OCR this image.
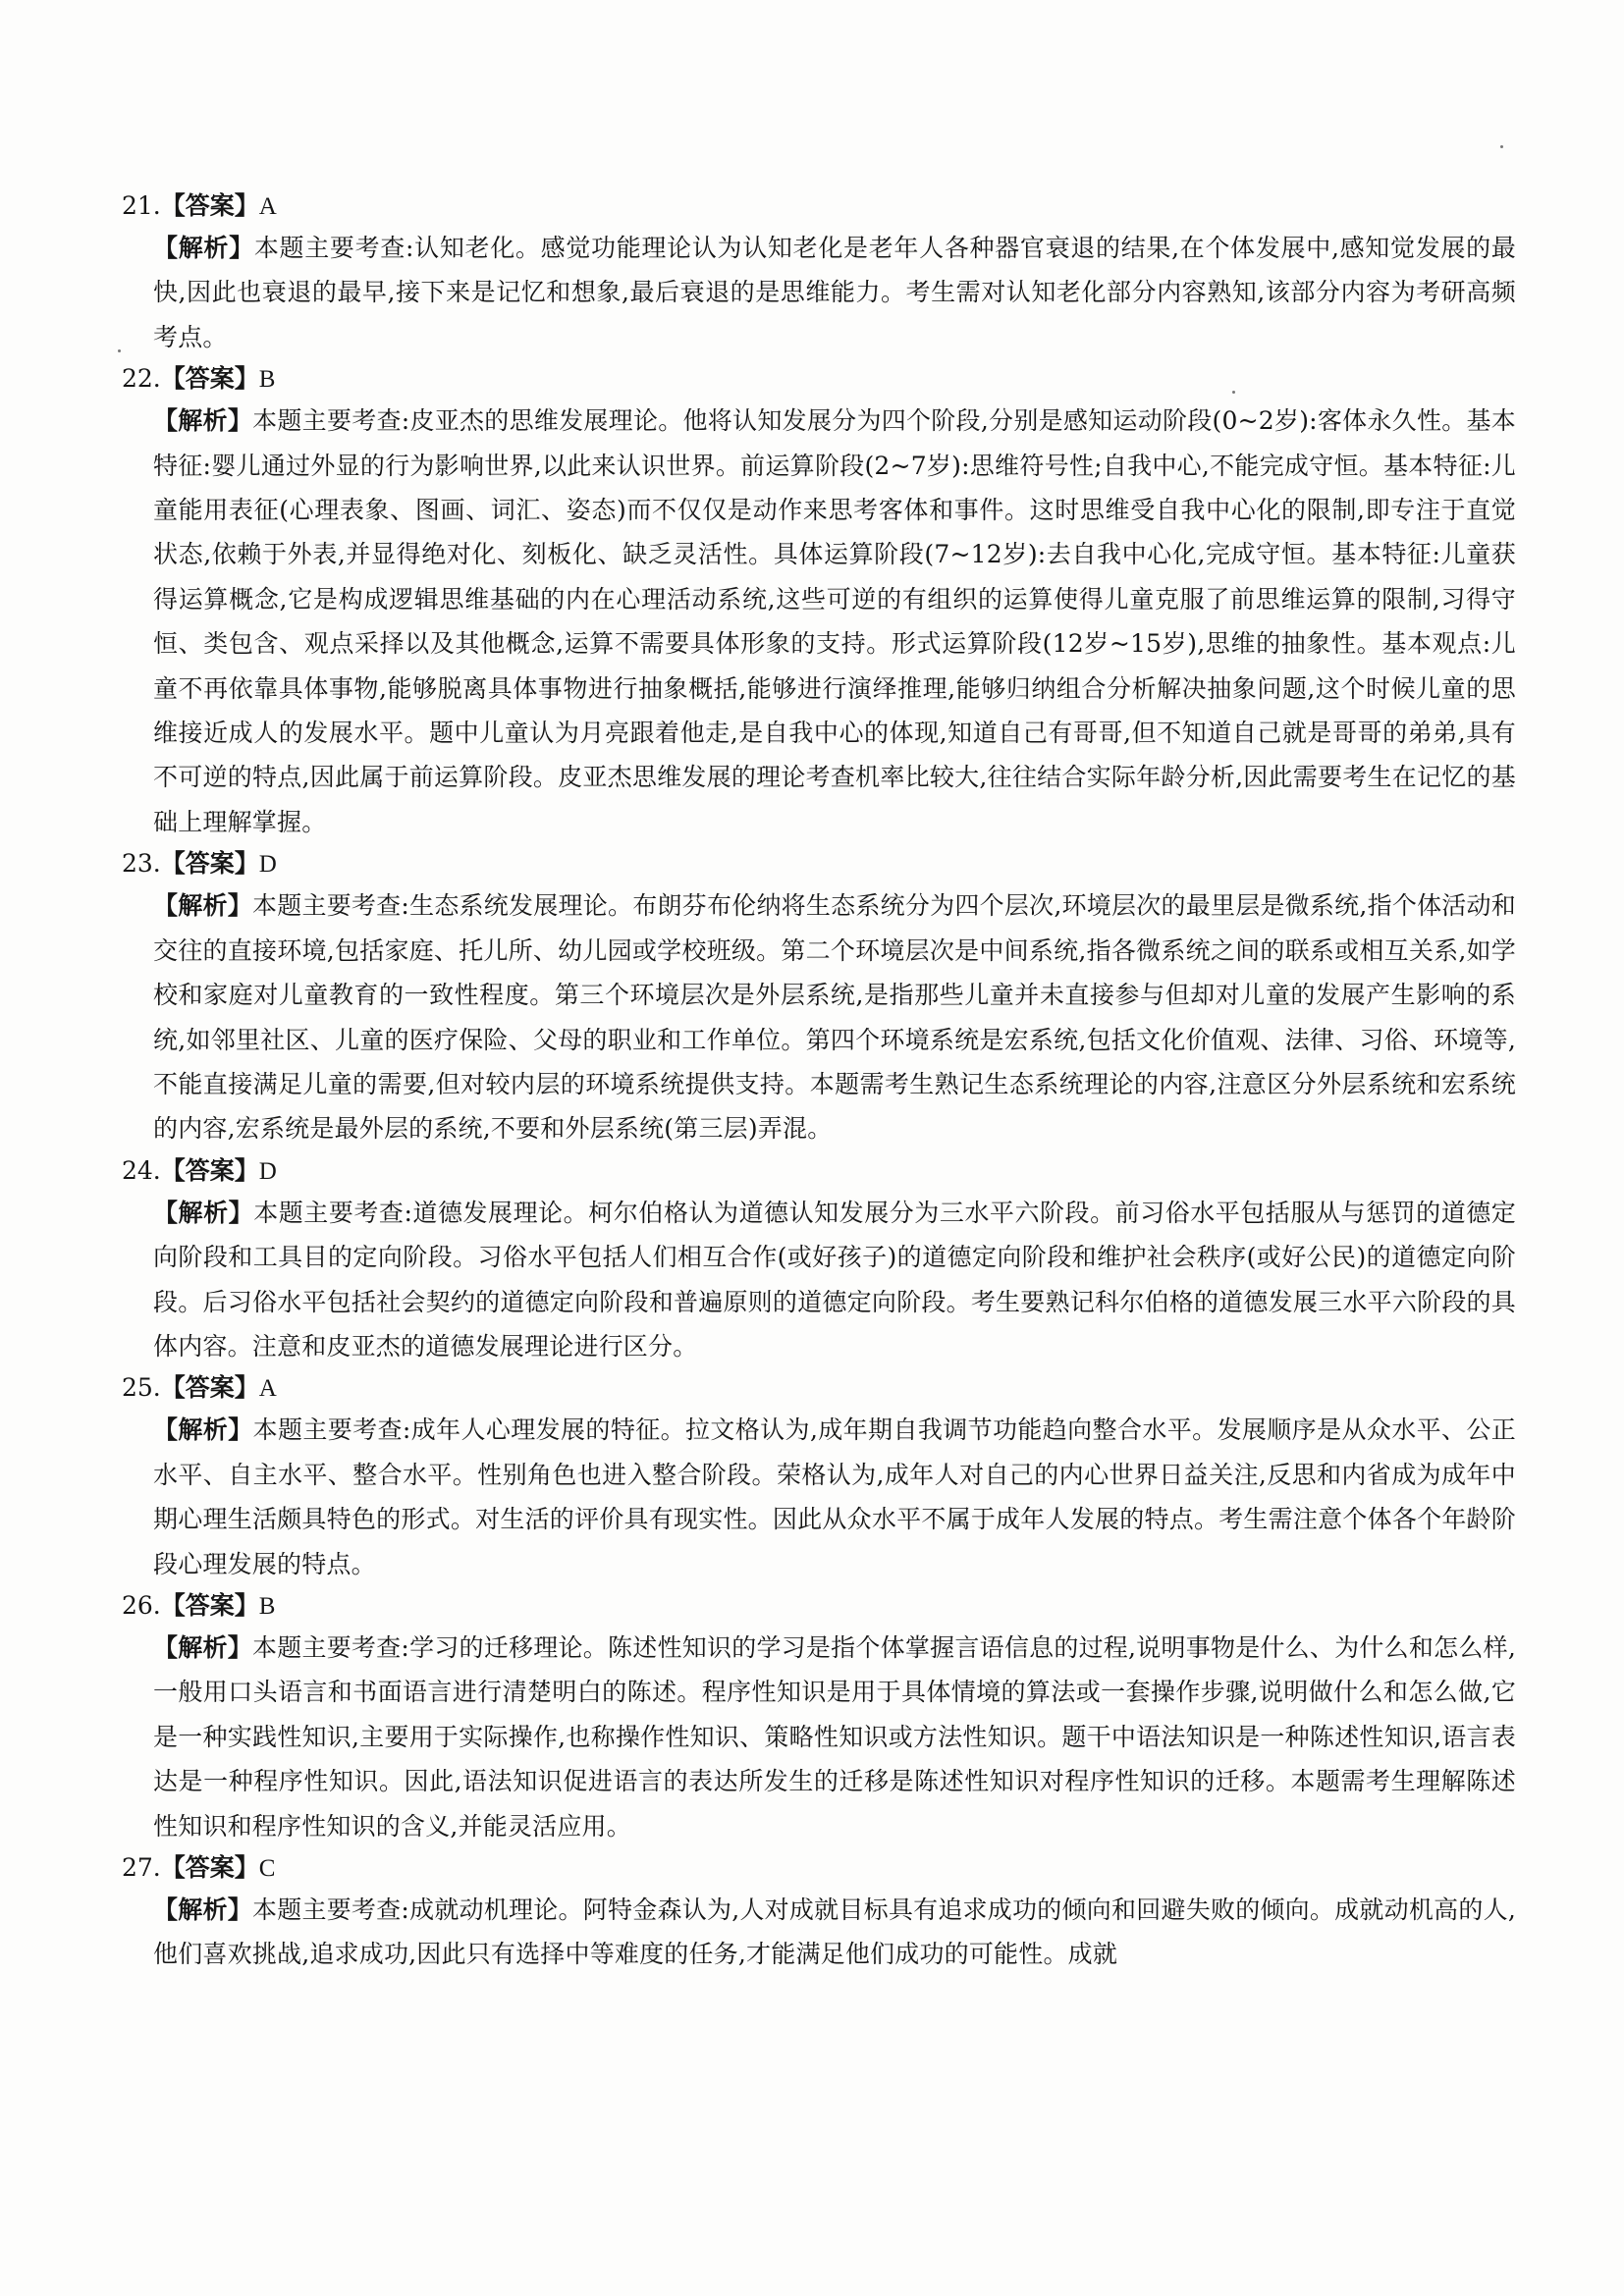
21.【答案】A

【解析】本题主要考查:认知老化。感觉功能理论认为认知老化是老年人各种器官衰退的结果,在个体发展中,感知觉发展的最快,因此也衰退的最早,接下来是记忆和想象,最后衰退的是思维能力。考生需对认知老化部分内容熟知,该部分内容为考研高频考点。

22.【答案】B

【解析】本题主要考查:皮亚杰的思维发展理论。他将认知发展分为四个阶段,分别是感知运动阶段(0~2岁):客体永久性。基本特征:婴儿通过外显的行为影响世界,以此来认识世界。前运算阶段(2~7岁):思维符号性;自我中心,不能完成守恒。基本特征:儿童能用表征(心理表象、图画、词汇、姿态)而不仅仅是动作来思考客体和事件。这时思维受自我中心化的限制,即专注于直觉状态,依赖于外表,并显得绝对化、刻板化、缺乏灵活性。具体运算阶段(7~12岁):去自我中心化,完成守恒。基本特征:儿童获得运算概念,它是构成逻辑思维基础的内在心理活动系统,这些可逆的有组织的运算使得儿童克服了前思维运算的限制,习得守恒、类包含、观点采择以及其他概念,运算不需要具体形象的支持。形式运算阶段(12岁~15岁),思维的抽象性。基本观点:儿童不再依靠具体事物,能够脱离具体事物进行抽象概括,能够进行演绎推理,能够归纳组合分析解决抽象问题,这个时候儿童的思维接近成人的发展水平。题中儿童认为月亮跟着他走,是自我中心的体现,知道自己有哥哥,但不知道自己就是哥哥的弟弟,具有不可逆的特点,因此属于前运算阶段。皮亚杰思维发展的理论考查机率比较大,往往结合实际年龄分析,因此需要考生在记忆的基础上理解掌握。

23.【答案】D

【解析】本题主要考查:生态系统发展理论。布朗芬布伦纳将生态系统分为四个层次,环境层次的最里层是微系统,指个体活动和交往的直接环境,包括家庭、托儿所、幼儿园或学校班级。第二个环境层次是中间系统,指各微系统之间的联系或相互关系,如学校和家庭对儿童教育的一致性程度。第三个环境层次是外层系统,是指那些儿童并未直接参与但却对儿童的发展产生影响的系统,如邻里社区、儿童的医疗保险、父母的职业和工作单位。第四个环境系统是宏系统,包括文化价值观、法律、习俗、环境等,不能直接满足儿童的需要,但对较内层的环境系统提供支持。本题需考生熟记生态系统理论的内容,注意区分外层系统和宏系统的内容,宏系统是最外层的系统,不要和外层系统(第三层)弄混。

24.【答案】D

【解析】本题主要考查:道德发展理论。柯尔伯格认为道德认知发展分为三水平六阶段。前习俗水平包括服从与惩罚的道德定向阶段和工具目的定向阶段。习俗水平包括人们相互合作(或好孩子)的道德定向阶段和维护社会秩序(或好公民)的道德定向阶段。后习俗水平包括社会契约的道德定向阶段和普遍原则的道德定向阶段。考生要熟记科尔伯格的道德发展三水平六阶段的具体内容。注意和皮亚杰的道德发展理论进行区分。

25.【答案】A

【解析】本题主要考查:成年人心理发展的特征。拉文格认为,成年期自我调节功能趋向整合水平。发展顺序是从众水平、公正水平、自主水平、整合水平。性别角色也进入整合阶段。荣格认为,成年人对自己的内心世界日益关注,反思和内省成为成年中期心理生活颇具特色的形式。对生活的评价具有现实性。因此从众水平不属于成年人发展的特点。考生需注意个体各个年龄阶段心理发展的特点。

26.【答案】B

【解析】本题主要考查:学习的迁移理论。陈述性知识的学习是指个体掌握言语信息的过程,说明事物是什么、为什么和怎么样,一般用口头语言和书面语言进行清楚明白的陈述。程序性知识是用于具体情境的算法或一套操作步骤,说明做什么和怎么做,它是一种实践性知识,主要用于实际操作,也称操作性知识、策略性知识或方法性知识。题干中语法知识是一种陈述性知识,语言表达是一种程序性知识。因此,语法知识促进语言的表达所发生的迁移是陈述性知识对程序性知识的迁移。本题需考生理解陈述性知识和程序性知识的含义,并能灵活应用。

27.【答案】C

【解析】本题主要考查:成就动机理论。阿特金森认为,人对成就目标具有追求成功的倾向和回避失败的倾向。成就动机高的人,他们喜欢挑战,追求成功,因此只有选择中等难度的任务,才能满足他们成功的可能性。成就
